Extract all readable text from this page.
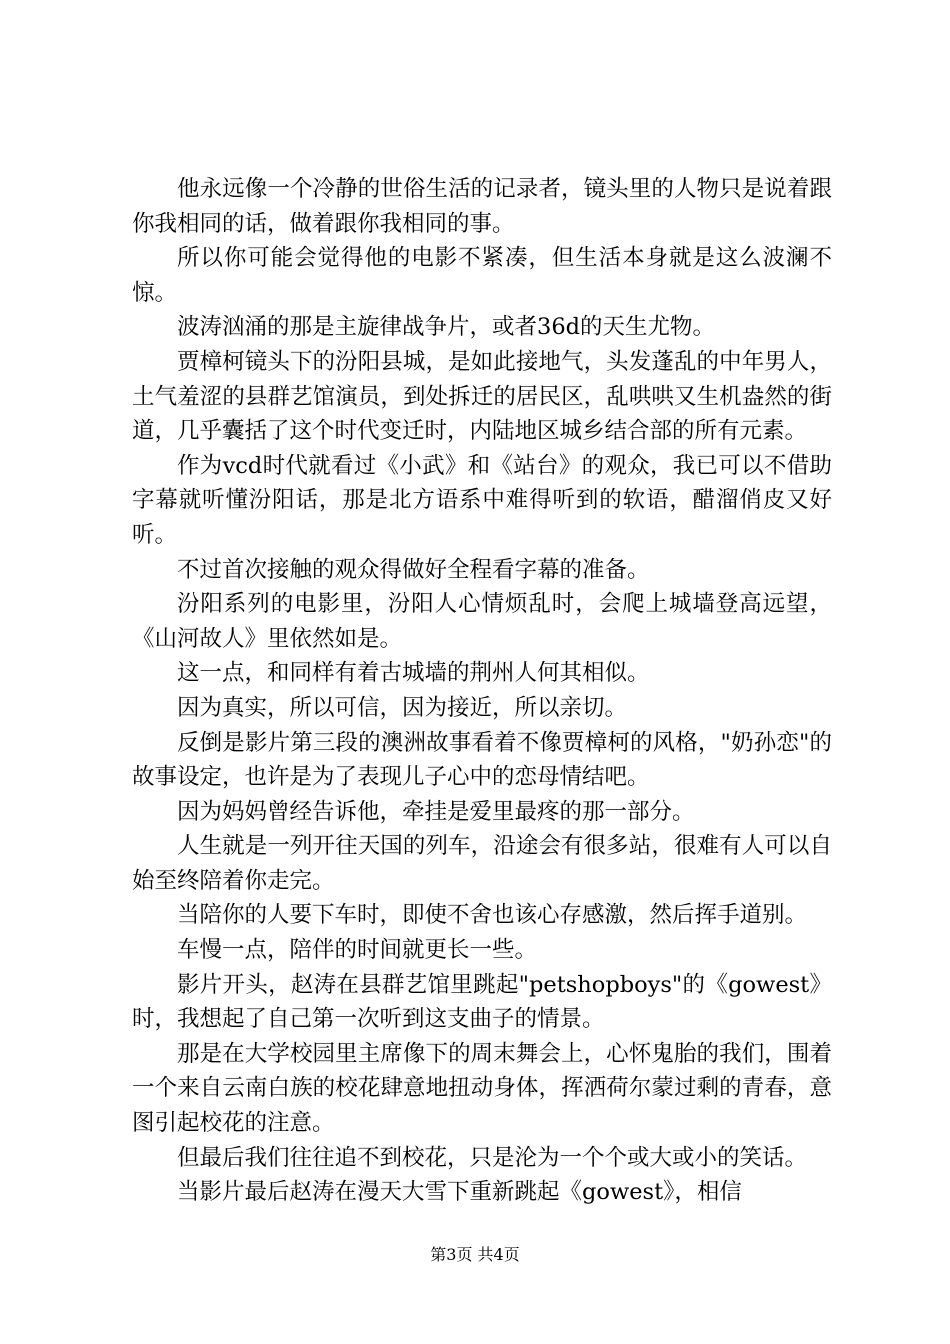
他永远像一个冷静的世俗生活的记录者，镜头里的人物只是说着跟你我相同的话，做着跟你我相同的事。

所以你可能会觉得他的电影不紧凑，但生活本身就是这么波澜不惊。

波涛汹涌的那是主旋律战争片，或者36d的天生尤物。

贾樟柯镜头下的汾阳县城，是如此接地气，头发蓬乱的中年男人，土气羞涩的县群艺馆演员，到处拆迁的居民区，乱哄哄又生机盎然的街道，几乎囊括了这个时代变迁时，内陆地区城乡结合部的所有元素。

作为vcd时代就看过《小武》和《站台》的观众，我已可以不借助字幕就听懂汾阳话，那是北方语系中难得听到的软语，醋溜俏皮又好听。

不过首次接触的观众得做好全程看字幕的准备。

汾阳系列的电影里，汾阳人心情烦乱时，会爬上城墙登高远望，《山河故人》里依然如是。

这一点，和同样有着古城墙的荆州人何其相似。

因为真实，所以可信，因为接近，所以亲切。

反倒是影片第三段的澳洲故事看着不像贾樟柯的风格，"奶孙恋"的故事设定，也许是为了表现儿子心中的恋母情结吧。

因为妈妈曾经告诉他，牵挂是爱里最疼的那一部分。

人生就是一列开往天国的列车，沿途会有很多站，很难有人可以自始至终陪着你走完。

当陪你的人要下车时，即使不舍也该心存感激，然后挥手道别。

车慢一点，陪伴的时间就更长一些。

影片开头，赵涛在县群艺馆里跳起"petshopboys"的《gowest》时，我想起了自己第一次听到这支曲子的情景。

那是在大学校园里主席像下的周末舞会上，心怀鬼胎的我们，围着一个来自云南白族的校花肆意地扭动身体，挥洒荷尔蒙过剩的青春，意图引起校花的注意。

但最后我们往往追不到校花，只是沦为一个个或大或小的笑话。

当影片最后赵涛在漫天大雪下重新跳起《gowest》，相信

第3页 共4页
